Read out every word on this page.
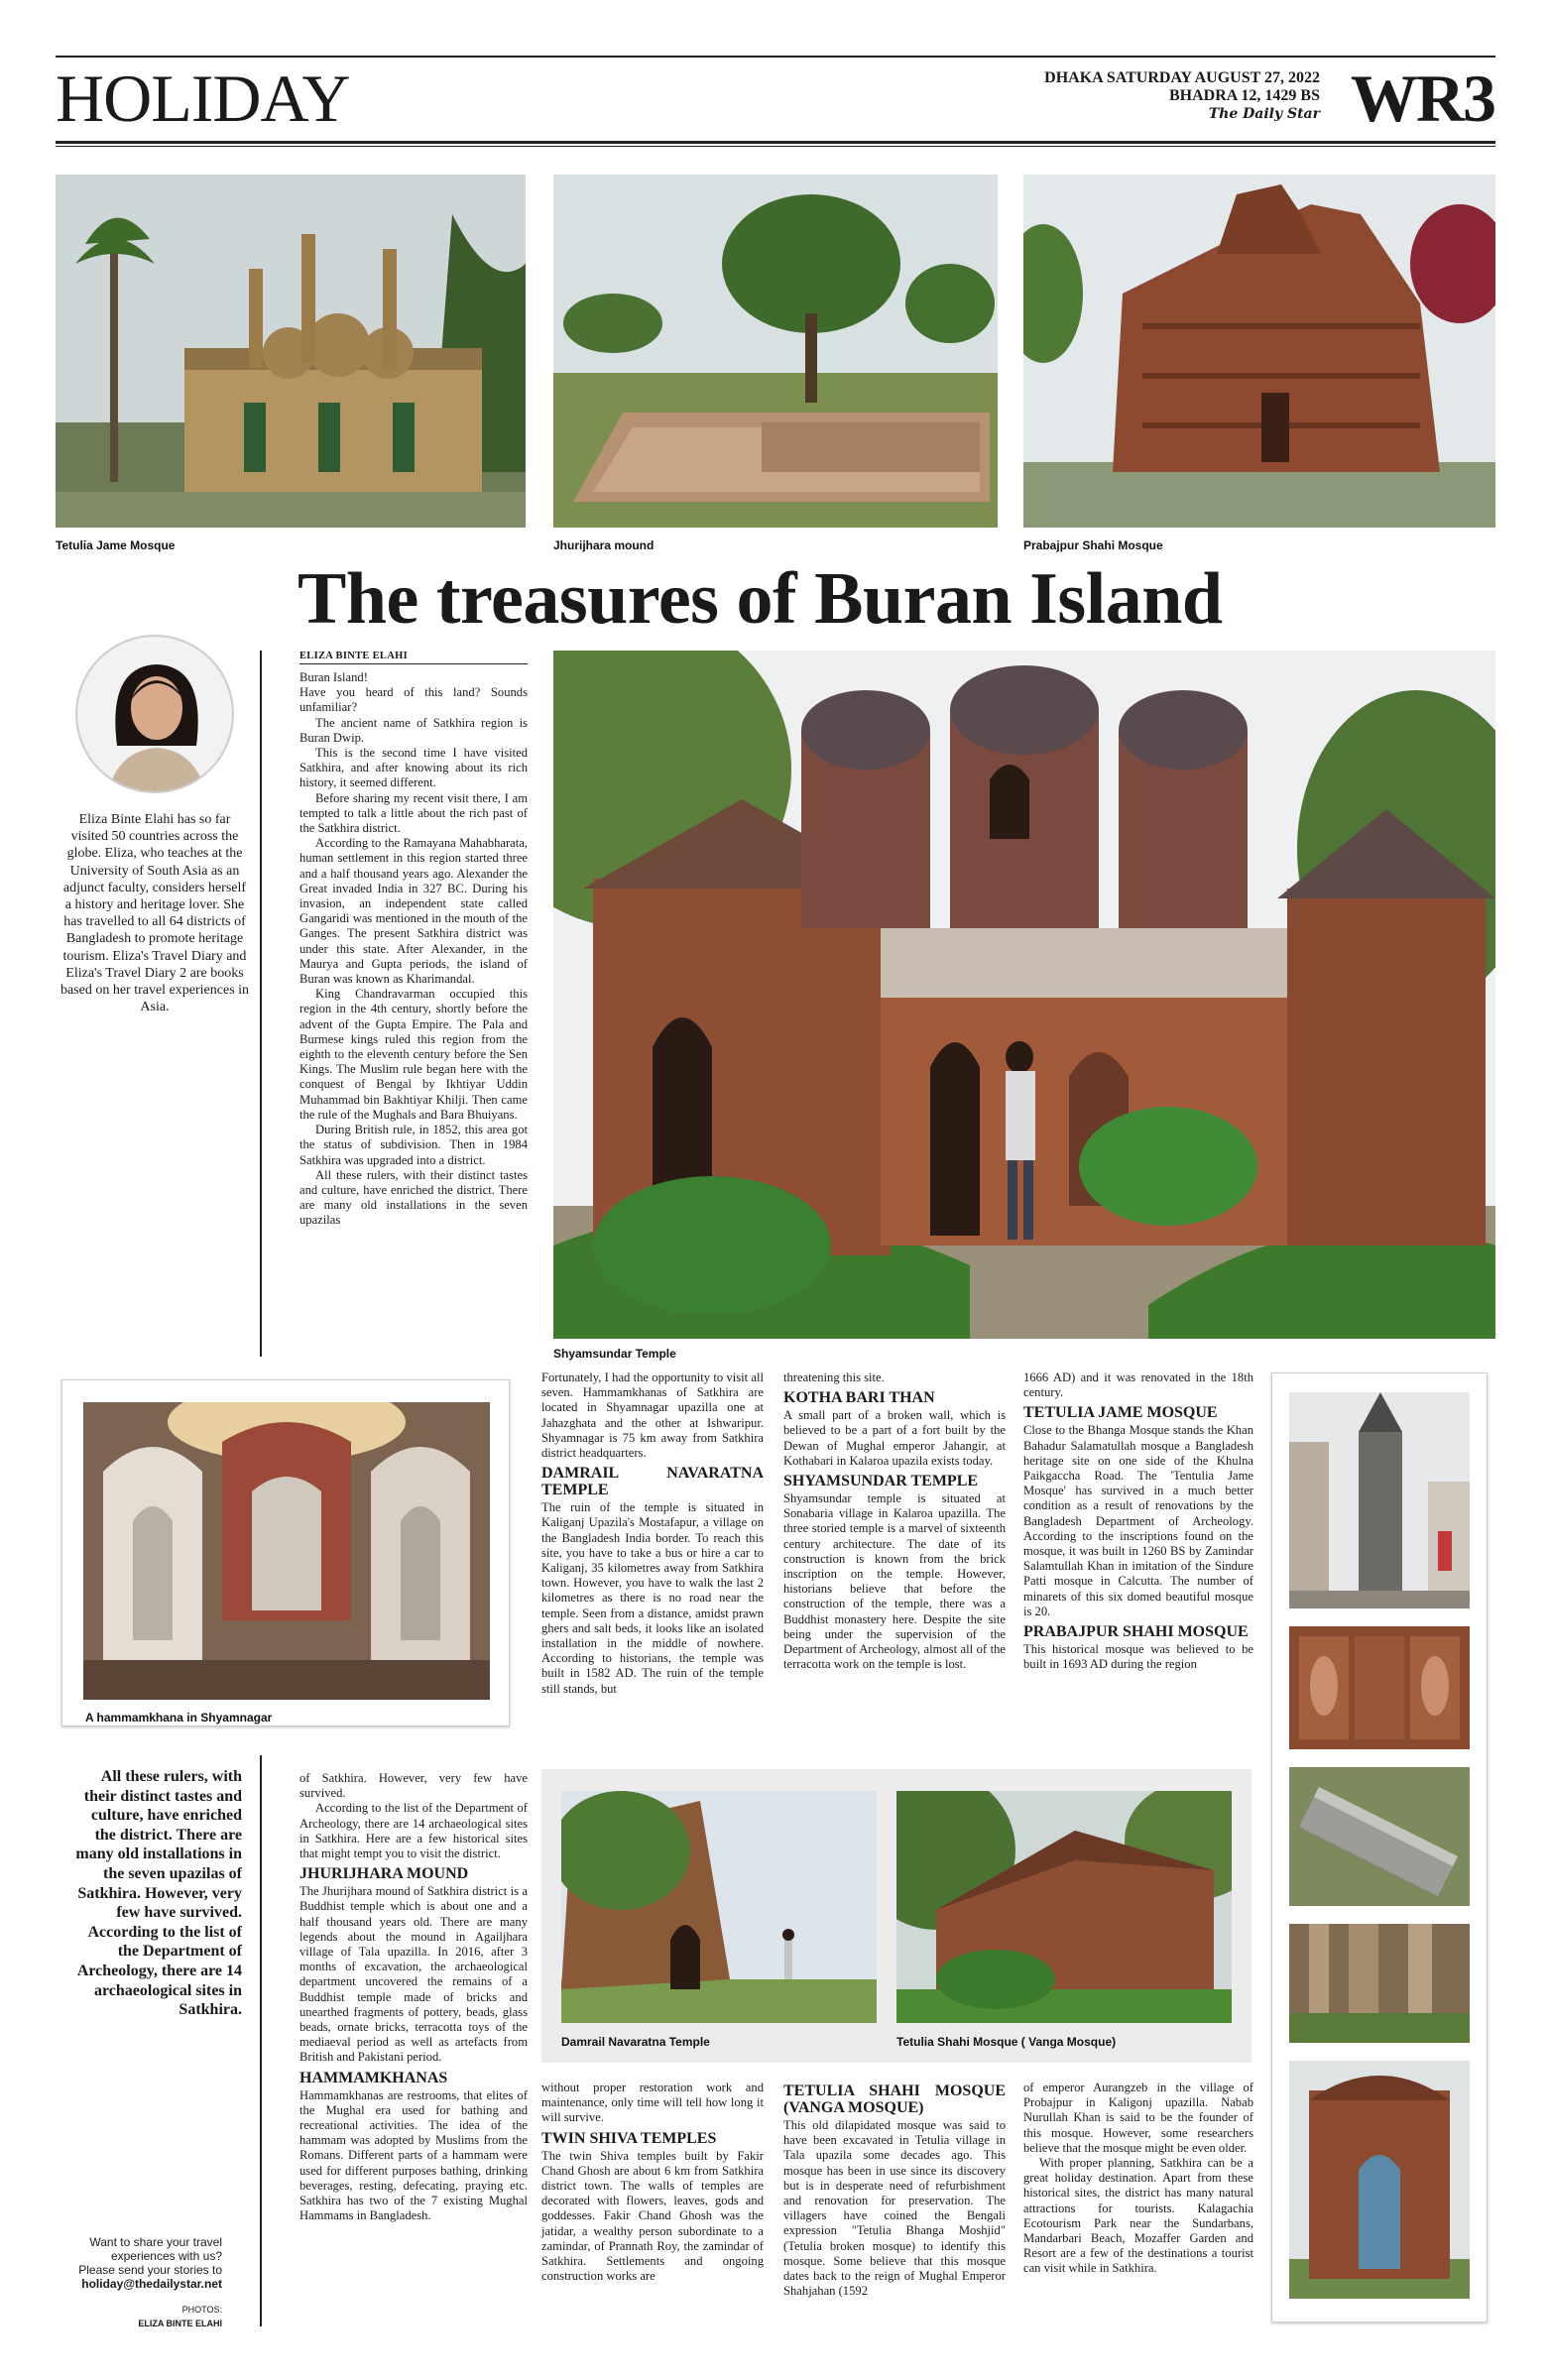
HOLIDAY	DHAKA SATURDAY AUGUST 27, 2022
BHADRA 12, 1429 BS
The Daily Star WR3
Tetulia Jame Mosque	Jhurijhara mound	Prabajpur Shahi Mosque
The treasures of Buran Island
Eliza Binte Elahi has so far visited 50 countries across the globe. Eliza, who teaches at the University of South Asia as an adjunct faculty, considers herself a history and heritage lover. She has travelled to all 64 districts of Bangladesh to promote heritage tourism. Eliza's Travel Diary and Eliza's Travel Diary 2 are books based on her travel experiences in Asia.
ELIZA BINTE ELAHI

Buran Island!

Have you heard of this land? Sounds unfamiliar?

The ancient name of Satkhira region is Buran Dwip.

This is the second time I have visited Satkhira, and after knowing about its rich history, it seemed different.

Before sharing my recent visit there, I am tempted to talk a little about the rich past of the Satkhira district.

According to the Ramayana Mahabharata, human settlement in this region started three and a half thousand years ago. Alexander the Great invaded India in 327 BC. During his invasion, an independent state called Gangaridi was mentioned in the mouth of the Ganges. The present Satkhira district was under this state. After Alexander, in the Maurya and Gupta periods, the island of Buran was known as Kharimandal.

King Chandravarman occupied this region in the 4th century, shortly before the advent of the Gupta Empire. The Pala and Burmese kings ruled this region from the eighth to the eleventh century before the Sen Kings. The Muslim rule began here with the conquest of Bengal by Ikhtiyar Uddin Muhammad bin Bakhtiyar Khilji. Then came the rule of the Mughals and Bara Bhuiyans.

During British rule, in 1852, this area got the status of subdivision. Then in 1984 Satkhira was upgraded into a district.

All these rulers, with their distinct tastes and culture, have enriched the district. There are many old installations in the seven upazilas

Shyamsundar Temple
A hammamkhana in Shyamnagar

Fortunately, I had the opportunity to visit all seven. Hammamkhanas of Satkhira are located in Shyamnagar upazilla one at Jahazghata and the other at Ishwaripur. Shyamnagar is 75 km away from Satkhira district headquarters.

DAMRAIL NAVARATNA TEMPLE

The ruin of the temple is situated in Kaliganj Upazila's Mostafapur, a village on the Bangladesh India border. To reach this site, you have to take a bus or hire a car to Kaliganj, 35 kilometres away from Satkhira town. However, you have to walk the last 2 kilometres as there is no road near the temple. Seen from a distance, amidst prawn ghers and salt beds, it looks like an isolated installation in the middle of nowhere. According to historians, the temple was built in 1582 AD. The ruin of the temple still stands, but

threatening this site.

KOTHA BARI THAN

A small part of a broken wall, which is believed to be a part of a fort built by the Dewan of Mughal emperor Jahangir, at Kothabari in Kalaroa upazila exists today.

SHYAMSUNDAR TEMPLE

Shyamsundar temple is situated at Sonabaria village in Kalaroa upazilla. The three storied temple is a marvel of sixteenth century architecture. The date of its construction is known from the brick inscription on the temple. However, historians believe that before the construction of the temple, there was a Buddhist monastery here. Despite the site being under the supervision of the Department of Archeology, almost all of the terracotta work on the temple is lost.

1666 AD) and it was renovated in the 18th century.

TETULIA JAME MOSQUE

Close to the Bhanga Mosque stands the Khan Bahadur Salamatullah mosque a Bangladesh heritage site on one side of the Khulna Paikgaccha Road. The 'Tentulia Jame Mosque' has survived in a much better condition as a result of renovations by the Bangladesh Department of Archeology. According to the inscriptions found on the mosque, it was built in 1260 BS by Zamindar Salamtullah Khan in imitation of the Sindure Patti mosque in Calcutta. The number of minarets of this six domed beautiful mosque is 20.

PRABAJPUR SHAHI MOSQUE

This historical mosque was believed to be built in 1693 AD during the region

All these rulers, with their distinct tastes and culture, have enriched the district. There are many old installations in the seven upazilas of Satkhira. However, very few have survived. According to the list of the Department of Archeology, there are 14 archaeological sites in Satkhira.
Want to share your travel
experiences with us?
Please send your stories to
holiday@thedailystar.net
PHOTOS:
ELIZA BINTE ELAHI

of Satkhira. However, very few have survived.

According to the list of the Department of Archeology, there are 14 archaeological sites in Satkhira. Here are a few historical sites that might tempt you to visit the district.

JHURIJHARA MOUND

The Jhurijhara mound of Satkhira district is a Buddhist temple which is about one and a half thousand years old. There are many legends about the mound in Agailjhara village of Tala upazilla. In 2016, after 3 months of excavation, the archaeological department uncovered the remains of a Buddhist temple made of bricks and unearthed fragments of pottery, beads, glass beads, ornate bricks, terracotta toys of the mediaeval period as well as artefacts from British and Pakistani period.

HAMMAMKHANAS

Hammamkhanas are restrooms, that elites of the Mughal era used for bathing and recreational activities. The idea of the hammam was adopted by Muslims from the Romans. Different parts of a hammam were used for different purposes bathing, drinking beverages, resting, defecating, praying etc. Satkhira has two of the 7 existing Mughal Hammams in Bangladesh.

Damrail Navaratna Temple	Tetulia Shahi Mosque ( Vanga Mosque)

without proper restoration work and maintenance, only time will tell how long it will survive.

TWIN SHIVA TEMPLES

The twin Shiva temples built by Fakir Chand Ghosh are about 6 km from Satkhira district town. The walls of temples are decorated with flowers, leaves, gods and goddesses. Fakir Chand Ghosh was the jatidar, a wealthy person subordinate to a zamindar, of Prannath Roy, the zamindar of Satkhira. Settlements and ongoing construction works are

TETULIA SHAHI MOSQUE (VANGA MOSQUE)

This old dilapidated mosque was said to have been excavated in Tetulia village in Tala upazila some decades ago. This mosque has been in use since its discovery but is in desperate need of refurbishment and renovation for preservation. The villagers have coined the Bengali expression "Tetulia Bhanga Moshjid" (Tetulia broken mosque) to identify this mosque. Some believe that this mosque dates back to the reign of Mughal Emperor Shahjahan (1592

of emperor Aurangzeb in the village of Probajpur in Kaligonj upazilla. Nabab Nurullah Khan is said to be the founder of this mosque. However, some researchers believe that the mosque might be even older.

With proper planning, Satkhira can be a great holiday destination. Apart from these historical sites, the district has many natural attractions for tourists. Kalagachia Ecotourism Park near the Sundarbans, Mandarbari Beach, Mozaffer Garden and Resort are a few of the destinations a tourist can visit while in Satkhira.
